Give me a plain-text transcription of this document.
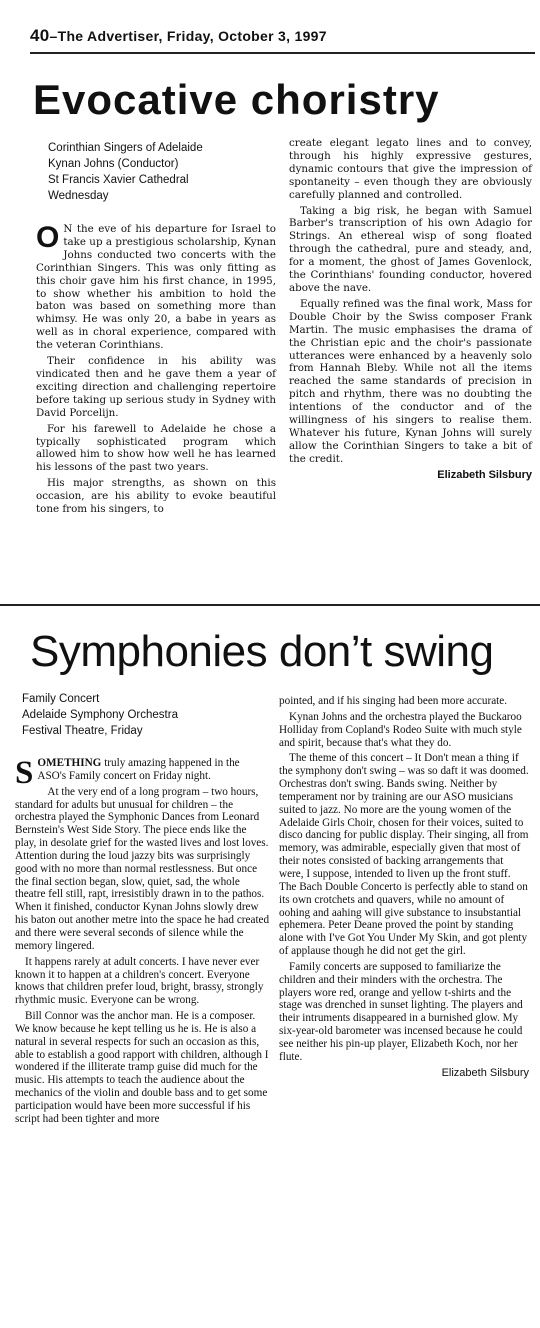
40–The Advertiser, Friday, October 3, 1997
Evocative choristry
Corinthian Singers of Adelaide
Kynan Johns (Conductor)
St Francis Xavier Cathedral
Wednesday

O N the eve of his departure for Israel to take up a prestigious scholarship, Kynan Johns conducted two concerts with the Corinthian Singers. This was only fitting as this choir gave him his first chance, in 1995, to show whether his ambition to hold the baton was based on something more than whimsy. He was only 20, a babe in years as well as in choral experience, compared with the veteran Corinthians.

Their confidence in his ability was vindicated then and he gave them a year of exciting direction and challenging repertoire before taking up serious study in Sydney with David Porcelijn.

For his farewell to Adelaide he chose a typically sophisticated program which allowed him to show how well he has learned his lessons of the past two years.

His major strengths, as shown on this occasion, are his ability to evoke beautiful tone from his singers, to

create elegant legato lines and to convey, through his highly expressive gestures, dynamic contours that give the impression of spontaneity – even though they are obviously carefully planned and controlled.

Taking a big risk, he began with Samuel Barber's transcription of his own Adagio for Strings. An ethereal wisp of song floated through the cathedral, pure and steady, and, for a moment, the ghost of James Govenlock, the Corinthians' founding conductor, hovered above the nave.

Equally refined was the final work, Mass for Double Choir by the Swiss composer Frank Martin. The music emphasises the drama of the Christian epic and the choir's passionate utterances were enhanced by a heavenly solo from Hannah Bleby. While not all the items reached the same standards of precision in pitch and rhythm, there was no doubting the intentions of the conductor and of the willingness of his singers to realise them. Whatever his future, Kynan Johns will surely allow the Corinthian Singers to take a bit of the credit.

Elizabeth Silsbury
Symphonies don’t swing
Family Concert
Adelaide Symphony Orchestra
Festival Theatre, Friday

SOMETHING truly amazing happened in the ASO's Family concert on Friday night.

At the very end of a long program – two hours, standard for adults but unusual for children – the orchestra played the Symphonic Dances from Leonard Bernstein's West Side Story. The piece ends like the play, in desolate grief for the wasted lives and lost loves. Attention during the loud jazzy bits was surprisingly good with no more than normal restlessness. But once the final section began, slow, quiet, sad, the whole theatre fell still, rapt, irresistibly drawn in to the pathos. When it finished, conductor Kynan Johns slowly drew his baton out another metre into the space he had created and there were several seconds of silence while the memory lingered.

It happens rarely at adult concerts. I have never ever known it to happen at a children's concert. Everyone knows that children prefer loud, bright, brassy, strongly rhythmic music. Everyone can be wrong.

Bill Connor was the anchor man. He is a composer. We know because he kept telling us he is. He is also a natural in several respects for such an occasion as this, able to establish a good rapport with children, although I wondered if the illiterate tramp guise did much for the music. His attempts to teach the audience about the mechanics of the violin and double bass and to get some participation would have been more successful if his script had been tighter and more

pointed, and if his singing had been more accurate.

Kynan Johns and the orchestra played the Buckaroo Holliday from Copland's Rodeo Suite with much style and spirit, because that's what they do.

The theme of this concert – It Don't mean a thing if the symphony don't swing – was so daft it was doomed. Orchestras don't swing. Bands swing. Neither by temperament nor by training are our ASO musicians suited to jazz. No more are the young women of the Adelaide Girls Choir, chosen for their voices, suited to disco dancing for public display. Their singing, all from memory, was admirable, especially given that most of their notes consisted of backing arrangements that were, I suppose, intended to liven up the front stuff. The Bach Double Concerto is perfectly able to stand on its own crotchets and quavers, while no amount of oohing and aahing will give substance to insubstantial ephemera. Peter Deane proved the point by standing alone with I've Got You Under My Skin, and got plenty of applause though he did not get the girl.

Family concerts are supposed to familiarize the children and their minders with the orchestra. The players wore red, orange and yellow t-shirts and the stage was drenched in sunset lighting. The players and their intruments disappeared in a burnished glow. My six-year-old barometer was incensed because he could see neither his pin-up player, Elizabeth Koch, nor her flute.

Elizabeth Silsbury
